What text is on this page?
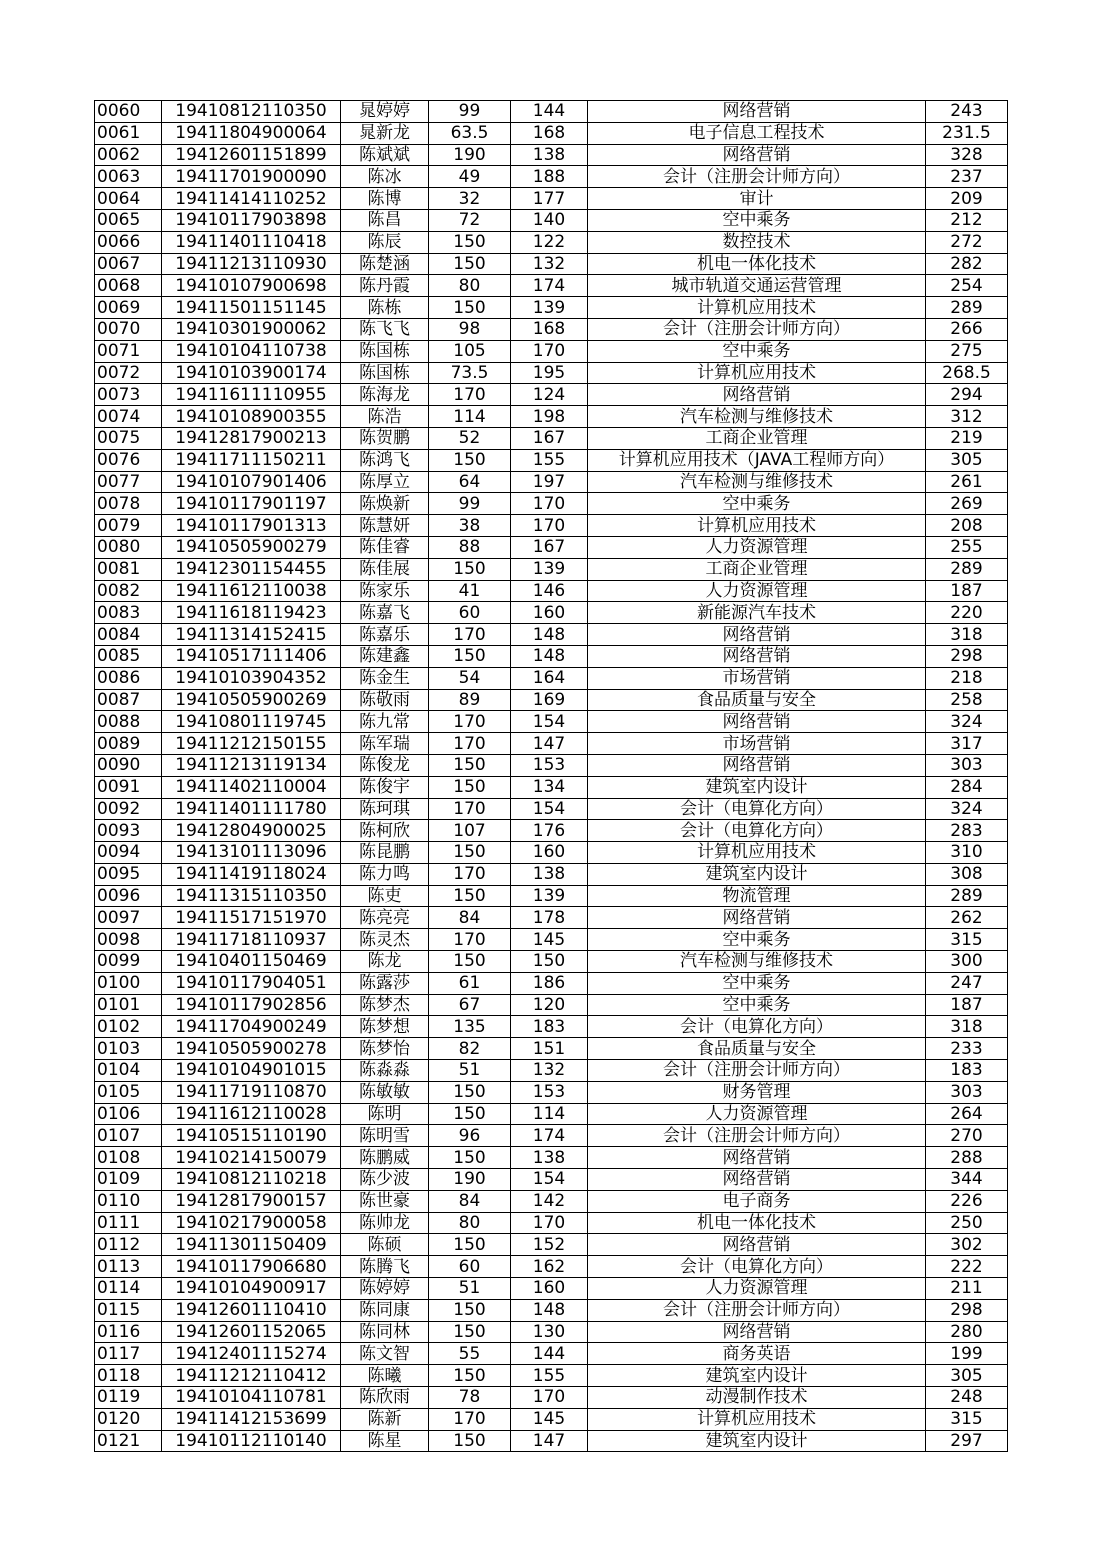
0060	19410812110350	晁婷婷	99	144	网络营销	243
0061	19411804900064	晁新龙	63.5	168	电子信息工程技术	231.5
0062	19412601151899	陈斌斌	190	138	网络营销	328
0063	19411701900090	陈冰	49	188	会计（注册会计师方向）	237
0064	19411414110252	陈博	32	177	审计	209
0065	19410117903898	陈昌	72	140	空中乘务	212
0066	19411401110418	陈辰	150	122	数控技术	272
0067	19411213110930	陈楚涵	150	132	机电一体化技术	282
0068	19410107900698	陈丹霞	80	174	城市轨道交通运营管理	254
0069	19411501151145	陈栋	150	139	计算机应用技术	289
0070	19410301900062	陈飞飞	98	168	会计（注册会计师方向）	266
0071	19410104110738	陈国栋	105	170	空中乘务	275
0072	19410103900174	陈国栋	73.5	195	计算机应用技术	268.5
0073	19411611110955	陈海龙	170	124	网络营销	294
0074	19410108900355	陈浩	114	198	汽车检测与维修技术	312
0075	19412817900213	陈贺鹏	52	167	工商企业管理	219
0076	19411711150211	陈鸿飞	150	155	计算机应用技术（JAVA工程师方向）	305
0077	19410107901406	陈厚立	64	197	汽车检测与维修技术	261
0078	19410117901197	陈焕新	99	170	空中乘务	269
0079	19410117901313	陈慧妍	38	170	计算机应用技术	208
0080	19410505900279	陈佳睿	88	167	人力资源管理	255
0081	19412301154455	陈佳展	150	139	工商企业管理	289
0082	19411612110038	陈家乐	41	146	人力资源管理	187
0083	19411618119423	陈嘉飞	60	160	新能源汽车技术	220
0084	19411314152415	陈嘉乐	170	148	网络营销	318
0085	19410517111406	陈建鑫	150	148	网络营销	298
0086	19410103904352	陈金生	54	164	市场营销	218
0087	19410505900269	陈敬雨	89	169	食品质量与安全	258
0088	19410801119745	陈九常	170	154	网络营销	324
0089	19411212150155	陈军瑞	170	147	市场营销	317
0090	19411213119134	陈俊龙	150	153	网络营销	303
0091	19411402110004	陈俊宇	150	134	建筑室内设计	284
0092	19411401111780	陈珂琪	170	154	会计（电算化方向）	324
0093	19412804900025	陈柯欣	107	176	会计（电算化方向）	283
0094	19413101113096	陈昆鹏	150	160	计算机应用技术	310
0095	19411419118024	陈力鸣	170	138	建筑室内设计	308
0096	19411315110350	陈吏	150	139	物流管理	289
0097	19411517151970	陈亮亮	84	178	网络营销	262
0098	19411718110937	陈灵杰	170	145	空中乘务	315
0099	19410401150469	陈龙	150	150	汽车检测与维修技术	300
0100	19410117904051	陈露莎	61	186	空中乘务	247
0101	19410117902856	陈梦杰	67	120	空中乘务	187
0102	19411704900249	陈梦想	135	183	会计（电算化方向）	318
0103	19410505900278	陈梦怡	82	151	食品质量与安全	233
0104	19410104901015	陈淼淼	51	132	会计（注册会计师方向）	183
0105	19411719110870	陈敏敏	150	153	财务管理	303
0106	19411612110028	陈明	150	114	人力资源管理	264
0107	19410515110190	陈明雪	96	174	会计（注册会计师方向）	270
0108	19410214150079	陈鹏威	150	138	网络营销	288
0109	19410812110218	陈少波	190	154	网络营销	344
0110	19412817900157	陈世豪	84	142	电子商务	226
0111	19410217900058	陈帅龙	80	170	机电一体化技术	250
0112	19411301150409	陈硕	150	152	网络营销	302
0113	19410117906680	陈腾飞	60	162	会计（电算化方向）	222
0114	19410104900917	陈婷婷	51	160	人力资源管理	211
0115	19412601110410	陈同康	150	148	会计（注册会计师方向）	298
0116	19412601152065	陈同林	150	130	网络营销	280
0117	19412401115274	陈文智	55	144	商务英语	199
0118	19411212110412	陈曦	150	155	建筑室内设计	305
0119	19410104110781	陈欣雨	78	170	动漫制作技术	248
0120	19411412153699	陈新	170	145	计算机应用技术	315
0121	19410112110140	陈星	150	147	建筑室内设计	297
